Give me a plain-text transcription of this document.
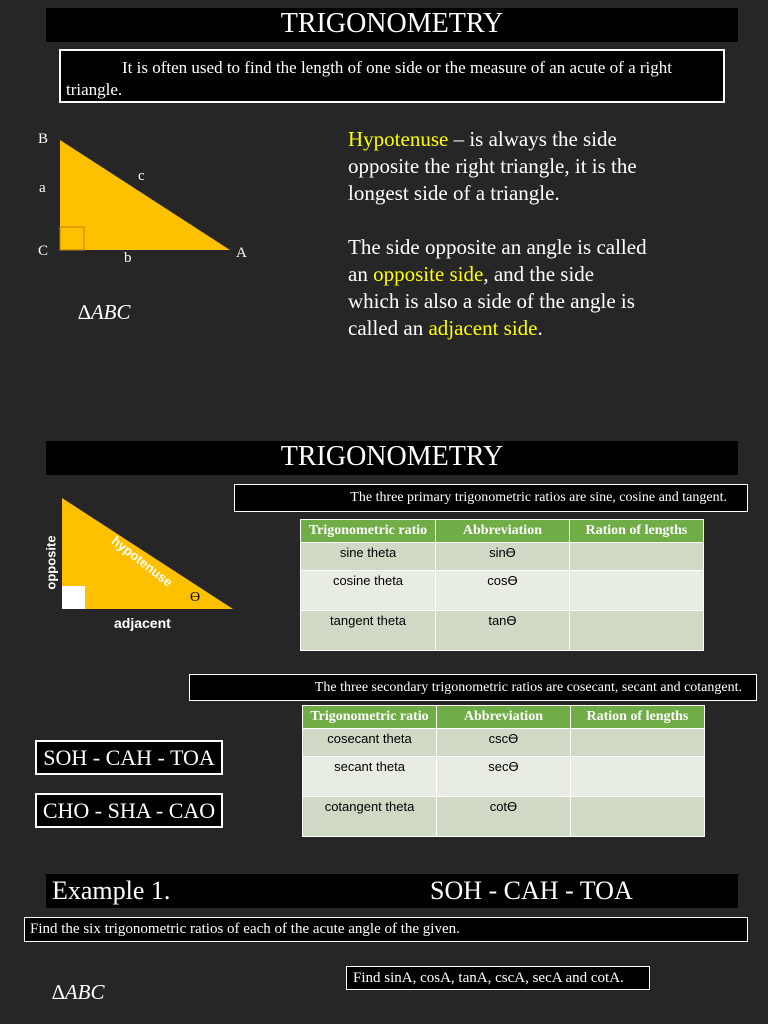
TRIGONOMETRY
It is often used to find the length of one side or the measure of an acute of a right triangle.
B
a
c
C	b	A
∆ABC
Hypotenuse – is always the side opposite the right triangle, it is the longest side of a triangle.
The side opposite an angle is called an opposite side, and the side which is also a side of the angle is called an adjacent side.
TRIGONOMETRY
opposite	hypotenuse
adjacent
Ө
The three primary trigonometric ratios are sine, cosine and tangent.
Trigonometric ratio	Abbreviation	Ration of lengths
sine theta	sinӨ	
cosine theta	cosӨ	
tangent theta	tanӨ	
The three secondary trigonometric ratios are cosecant, secant and cotangent.
Trigonometric ratio	Abbreviation	Ration of lengths
cosecant theta	cscӨ	
secant theta	secӨ	
cotangent theta	cotӨ	
SOH - CAH - TOA
CHO - SHA - CAO
Example 1.	SOH - CAH - TOA
Find the six trigonometric ratios of each of the acute angle of the given.
Find sinA, cosA, tanA, cscA, secA and cotA.
∆ABC
